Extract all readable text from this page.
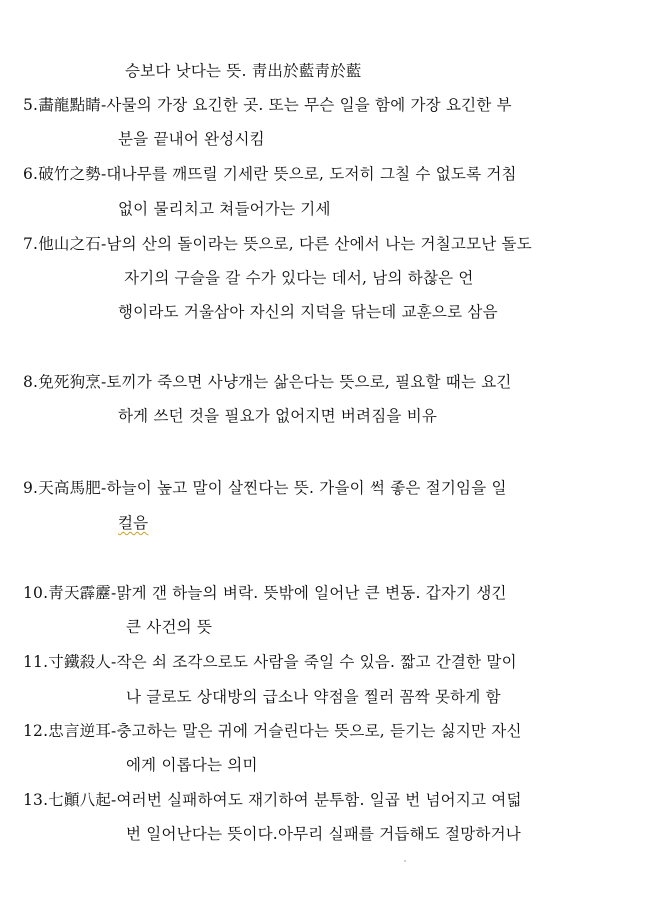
승보다 낫다는 뜻. 靑出於藍靑於藍
5.畵龍點睛-사물의 가장 요긴한 곳. 또는 무슨 일을 함에 가장 요긴한 부
분을 끝내어 완성시킴
6.破竹之勢-대나무를 깨뜨릴 기세란 뜻으로, 도저히 그칠 수 없도록 거침
없이 물리치고 쳐들어가는 기세
7.他山之石-남의 산의 돌이라는 뜻으로, 다른 산에서 나는 거칠고모난 돌도
자기의 구슬을 갈 수가 있다는 데서, 남의 하찮은 언
행이라도 거울삼아 자신의 지덕을 닦는데 교훈으로 삼음
8.免死狗烹-토끼가 죽으면 사냥개는 삶은다는 뜻으로, 필요할 때는 요긴
하게 쓰던 것을 필요가 없어지면 버려짐을 비유
9.天高馬肥-하늘이 높고 말이 살찐다는 뜻. 가을이 썩 좋은 절기임을 일
컬음
10.靑天霹靂-맑게 갠 하늘의 벼락. 뜻밖에 일어난 큰 변동. 갑자기 생긴
큰 사건의 뜻
11.寸鐵殺人-작은 쇠 조각으로도 사람을 죽일 수 있음. 짧고 간결한 말이
나 글로도 상대방의 급소나 약점을 찔러 꼼짝 못하게 함
12.忠言逆耳-충고하는 말은 귀에 거슬린다는 뜻으로, 듣기는 싫지만 자신
에게 이롭다는 의미
13.七顚八起-여러번 실패하여도 재기하여 분투함. 일곱 번 넘어지고 여덟
번 일어난다는 뜻이다.아무리 실패를 거듭해도 절망하거나
